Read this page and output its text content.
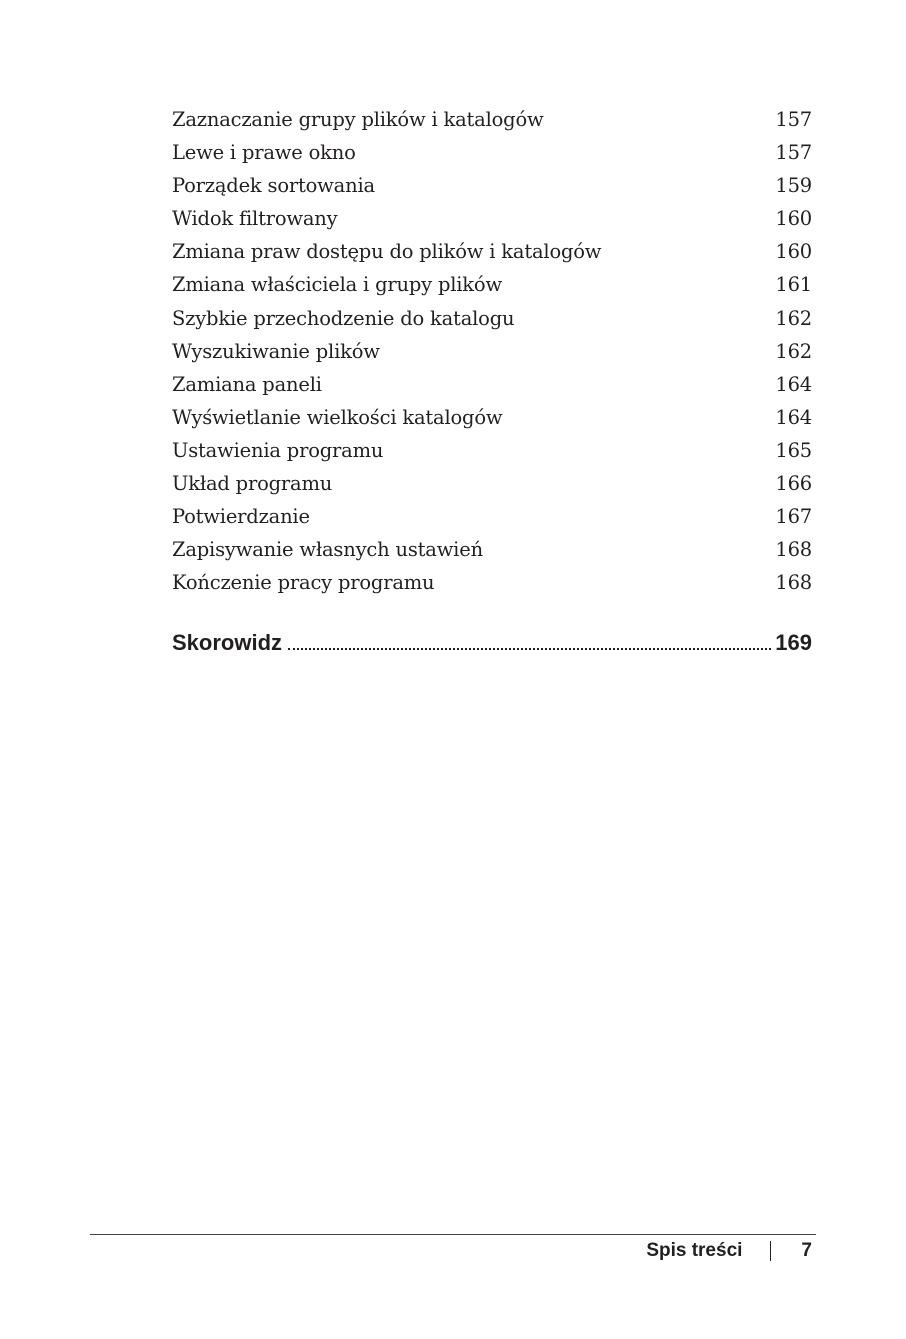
Zaznaczanie grupy plików i katalogów	157
Lewe i prawe okno	157
Porządek sortowania	159
Widok filtrowany	160
Zmiana praw dostępu do plików i katalogów	160
Zmiana właściciela i grupy plików	161
Szybkie przechodzenie do katalogu	162
Wyszukiwanie plików	162
Zamiana paneli	164
Wyświetlanie wielkości katalogów	164
Ustawienia programu	165
Układ programu	166
Potwierdzanie	167
Zapisywanie własnych ustawień	168
Kończenie pracy programu	168
Skorowidz	169
Spis treści	7
